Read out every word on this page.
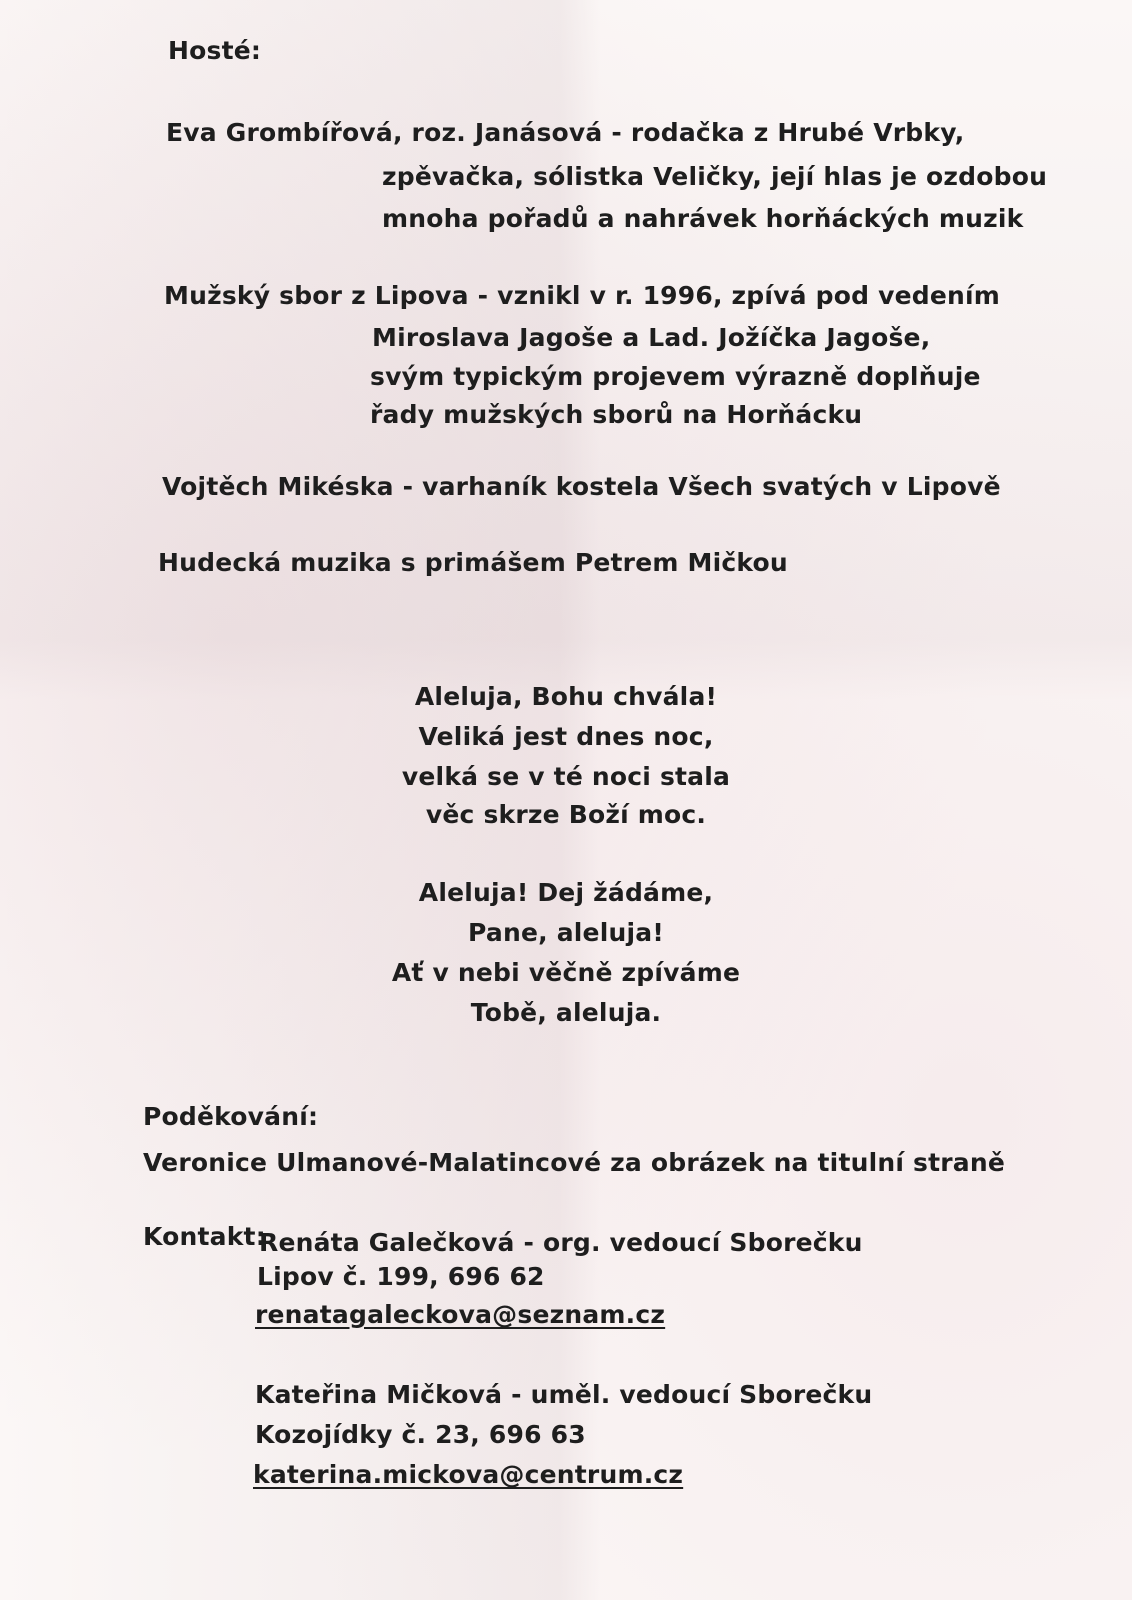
Hosté:
Eva Grombířová, roz. Janásová - rodačka z Hrubé Vrbky,
zpěvačka, sólistka Veličky, její hlas je ozdobou
mnoha pořadů a nahrávek horňáckých muzik
Mužský sbor z Lipova - vznikl v r. 1996, zpívá pod vedením
Miroslava Jagoše a Lad. Jožíčka Jagoše,
svým typickým projevem výrazně doplňuje
řady mužských sborů na Horňácku
Vojtěch Mikéska - varhaník kostela Všech svatých v Lipově
Hudecká muzika s primášem Petrem Mičkou
Aleluja, Bohu chvála!
Veliká jest dnes noc,
velká se v té noci stala
věc skrze Boží moc.
Aleluja! Dej žádáme,
Pane, aleluja!
Ať v nebi věčně zpíváme
Tobě, aleluja.
Poděkování:
Veronice Ulmanové-Malatincové za obrázek na titulní straně
Kontakt:
Renáta Galečková - org. vedoucí Sborečku
Lipov č. 199, 696 62
renatagaleckova@seznam.cz
Kateřina Mičková - uměl. vedoucí Sborečku
Kozojídky č. 23, 696 63
katerina.mickova@centrum.cz
